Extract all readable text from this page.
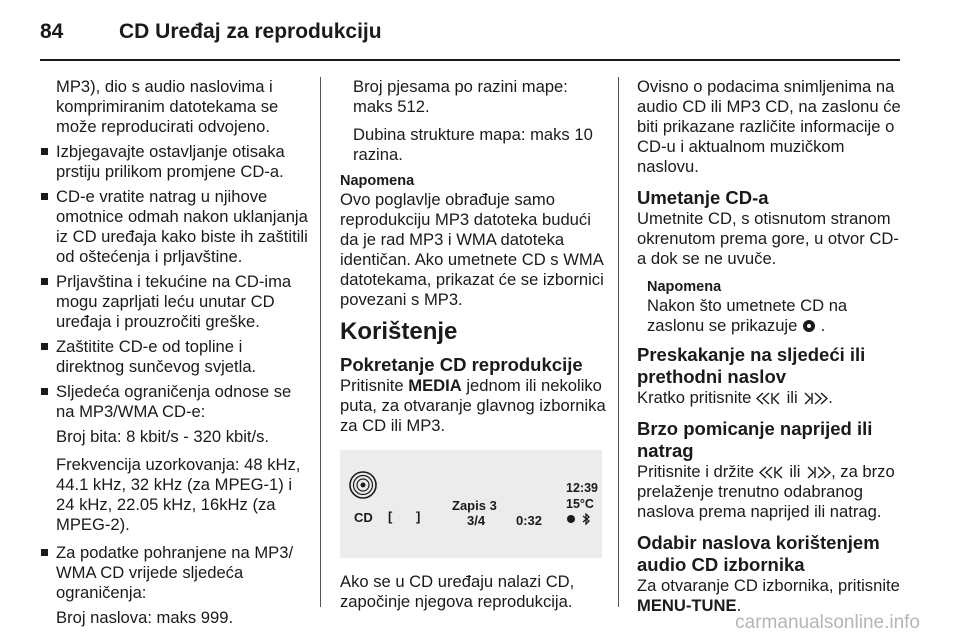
84	CD Uređaj za reprodukciju
MP3), dio s audio naslovima i komprimiranim datotekama se može reproducirati odvojeno.
Izbjegavajte ostavljanje otisaka prstiju prilikom promjene CD-a.
CD-e vratite natrag u njihove omotnice odmah nakon uklanjanja iz CD uređaja kako biste ih zaštitili od oštećenja i prljavštine.
Prljavština i tekućine na CD-ima mogu zaprljati leću unutar CD uređaja i prouzročiti greške.
Zaštitite CD-e od topline i direktnog sunčevog svjetla.
Sljedeća ograničenja odnose se na MP3/WMA CD-e:
Broj bita: 8 kbit/s - 320 kbit/s.
Frekvencija uzorkovanja: 48 kHz, 44.1 kHz, 32 kHz (za MPEG-1) i 24 kHz, 22.05 kHz, 16kHz (za MPEG-2).
Za podatke pohranjene na MP3/ WMA CD vrijede sljedeća ograničenja:
Broj naslova: maks 999.
Broj pjesama po razini mape: maks 512.
Dubina strukture mapa: maks 10 razina.
Napomena
Ovo poglavlje obrađuje samo reprodukciju MP3 datoteka budući da je rad MP3 i WMA datoteka identičan. Ako umetnete CD s WMA datotekama, prikazat će se izbornici povezani s MP3.
Korištenje
Pokretanje CD reprodukcije
Pritisnite MEDIA jednom ili nekoliko puta, za otvaranje glavnog izbornika za CD ili MP3.
CD [ ]
Zapis 3
3/4 0:32
12:39
15°C

Ako se u CD uređaju nalazi CD, započinje njegova reprodukcija.
Ovisno o podacima snimljenima na audio CD ili MP3 CD, na zaslonu će biti prikazane različite informacije o CD-u i aktualnom muzičkom naslovu.
Umetanje CD-a
Umetnite CD, s otisnutom stranom okrenutom prema gore, u otvor CD-a dok se ne uvuče.
Napomena
Nakon što umetnete CD na zaslonu se prikazuje .
Preskakanje na sljedeći ili prethodni naslov
Kratko pritisnite ili .
Brzo pomicanje naprijed ili natrag
Pritisnite i držite ili , za brzo prelaženje trenutno odabranog naslova prema naprijed ili natrag.
Odabir naslova korištenjem audio CD izbornika
Za otvaranje CD izbornika, pritisnite MENU-TUNE.
carmanualsonline.info
